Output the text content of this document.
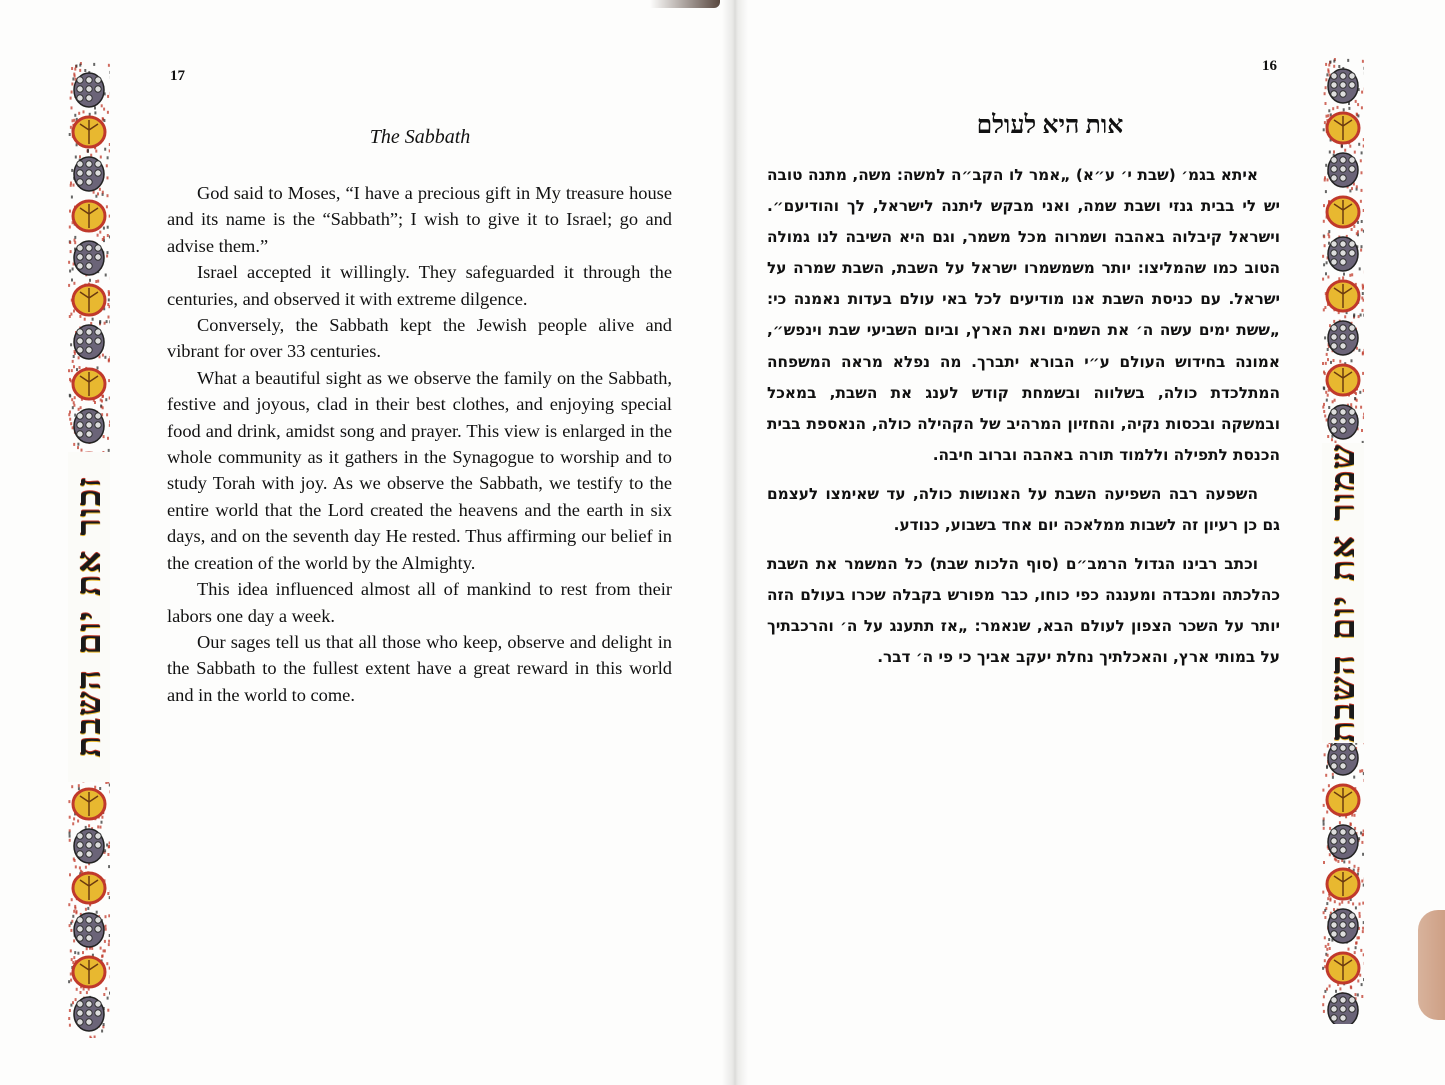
זכור את יום השבת	שמור את יום השבת
17
The Sabbath

God said to Moses, “I have a precious gift in My treasure house and its name is the “Sabbath”; I wish to give it to Israel; go and advise them.”

Israel accepted it willingly. They safeguarded it through the centuries, and observed it with extreme dilgence.

Conversely, the Sabbath kept the Jewish people alive and vibrant for over 33 centuries.

What a beautiful sight as we observe the family on the Sabbath, festive and joyous, clad in their best clothes, and enjoying special food and drink, amidst song and prayer. This view is enlarged in the whole community as it gathers in the Synagogue to worship and to study Torah with joy. As we observe the Sabbath, we testify to the entire world that the Lord created the heavens and the earth in six days, and on the seventh day He rested. Thus affirming our belief in the creation of the world by the Almighty.

This idea influenced almost all of mankind to rest from their labors one day a week.

Our sages tell us that all those who keep, observe and delight in the Sabbath to the fullest extent have a great reward in this world and in the world to come.

16
אות היא לעולם

איתא בגמ׳ (שבת י׳ ע״א) „אמר לו הקב״ה למשה: משה, מתנה טובה יש לי בבית גנזי ושבת שמה, ואני מבקש ליתנה לישראל, לך והודיעם״. וישראל קיבלוה באהבה ושמרוה מכל משמר, וגם היא השיבה לנו גמולה הטוב כמו שהמליצו: יותר משמשמרו ישראל על השבת, השבת שמרה על ישראל. עם כניסת השבת אנו מודיעים לכל באי עולם בעדות נאמנה כי: „ששת ימים עשה ה׳ את השמים ואת הארץ, וביום השביעי שבת וינפש״, אמונה בחידוש העולם ע״י הבורא יתברך. מה נפלא מראה המשפחה המתלכדת כולה, בשלווה ובשמחת קודש לענג את השבת, במאכל ובמשקה ובכסות נקיה, והחזיון המרהיב של הקהילה כולה, הנאספת בבית הכנסת לתפילה וללמוד תורה באהבה וברוב חיבה.

השפעה רבה השפיעה השבת על האנושות כולה, עד שאימצו לעצמם גם כן רעיון זה לשבות ממלאכה יום אחד בשבוע, כנודע.

וכתב רבינו הגדול הרמב״ם (סוף הלכות שבת) כל המשמר את השבת כהלכתה ומכבדה ומענגה כפי כוחו, כבר מפורש בקבלה שכרו בעולם הזה יותר על השכר הצפון לעולם הבא, שנאמר: „אז תתענג על ה׳ והרכבתיך על במותי ארץ, והאכלתיך נחלת יעקב אביך כי פי ה׳ דבר.
